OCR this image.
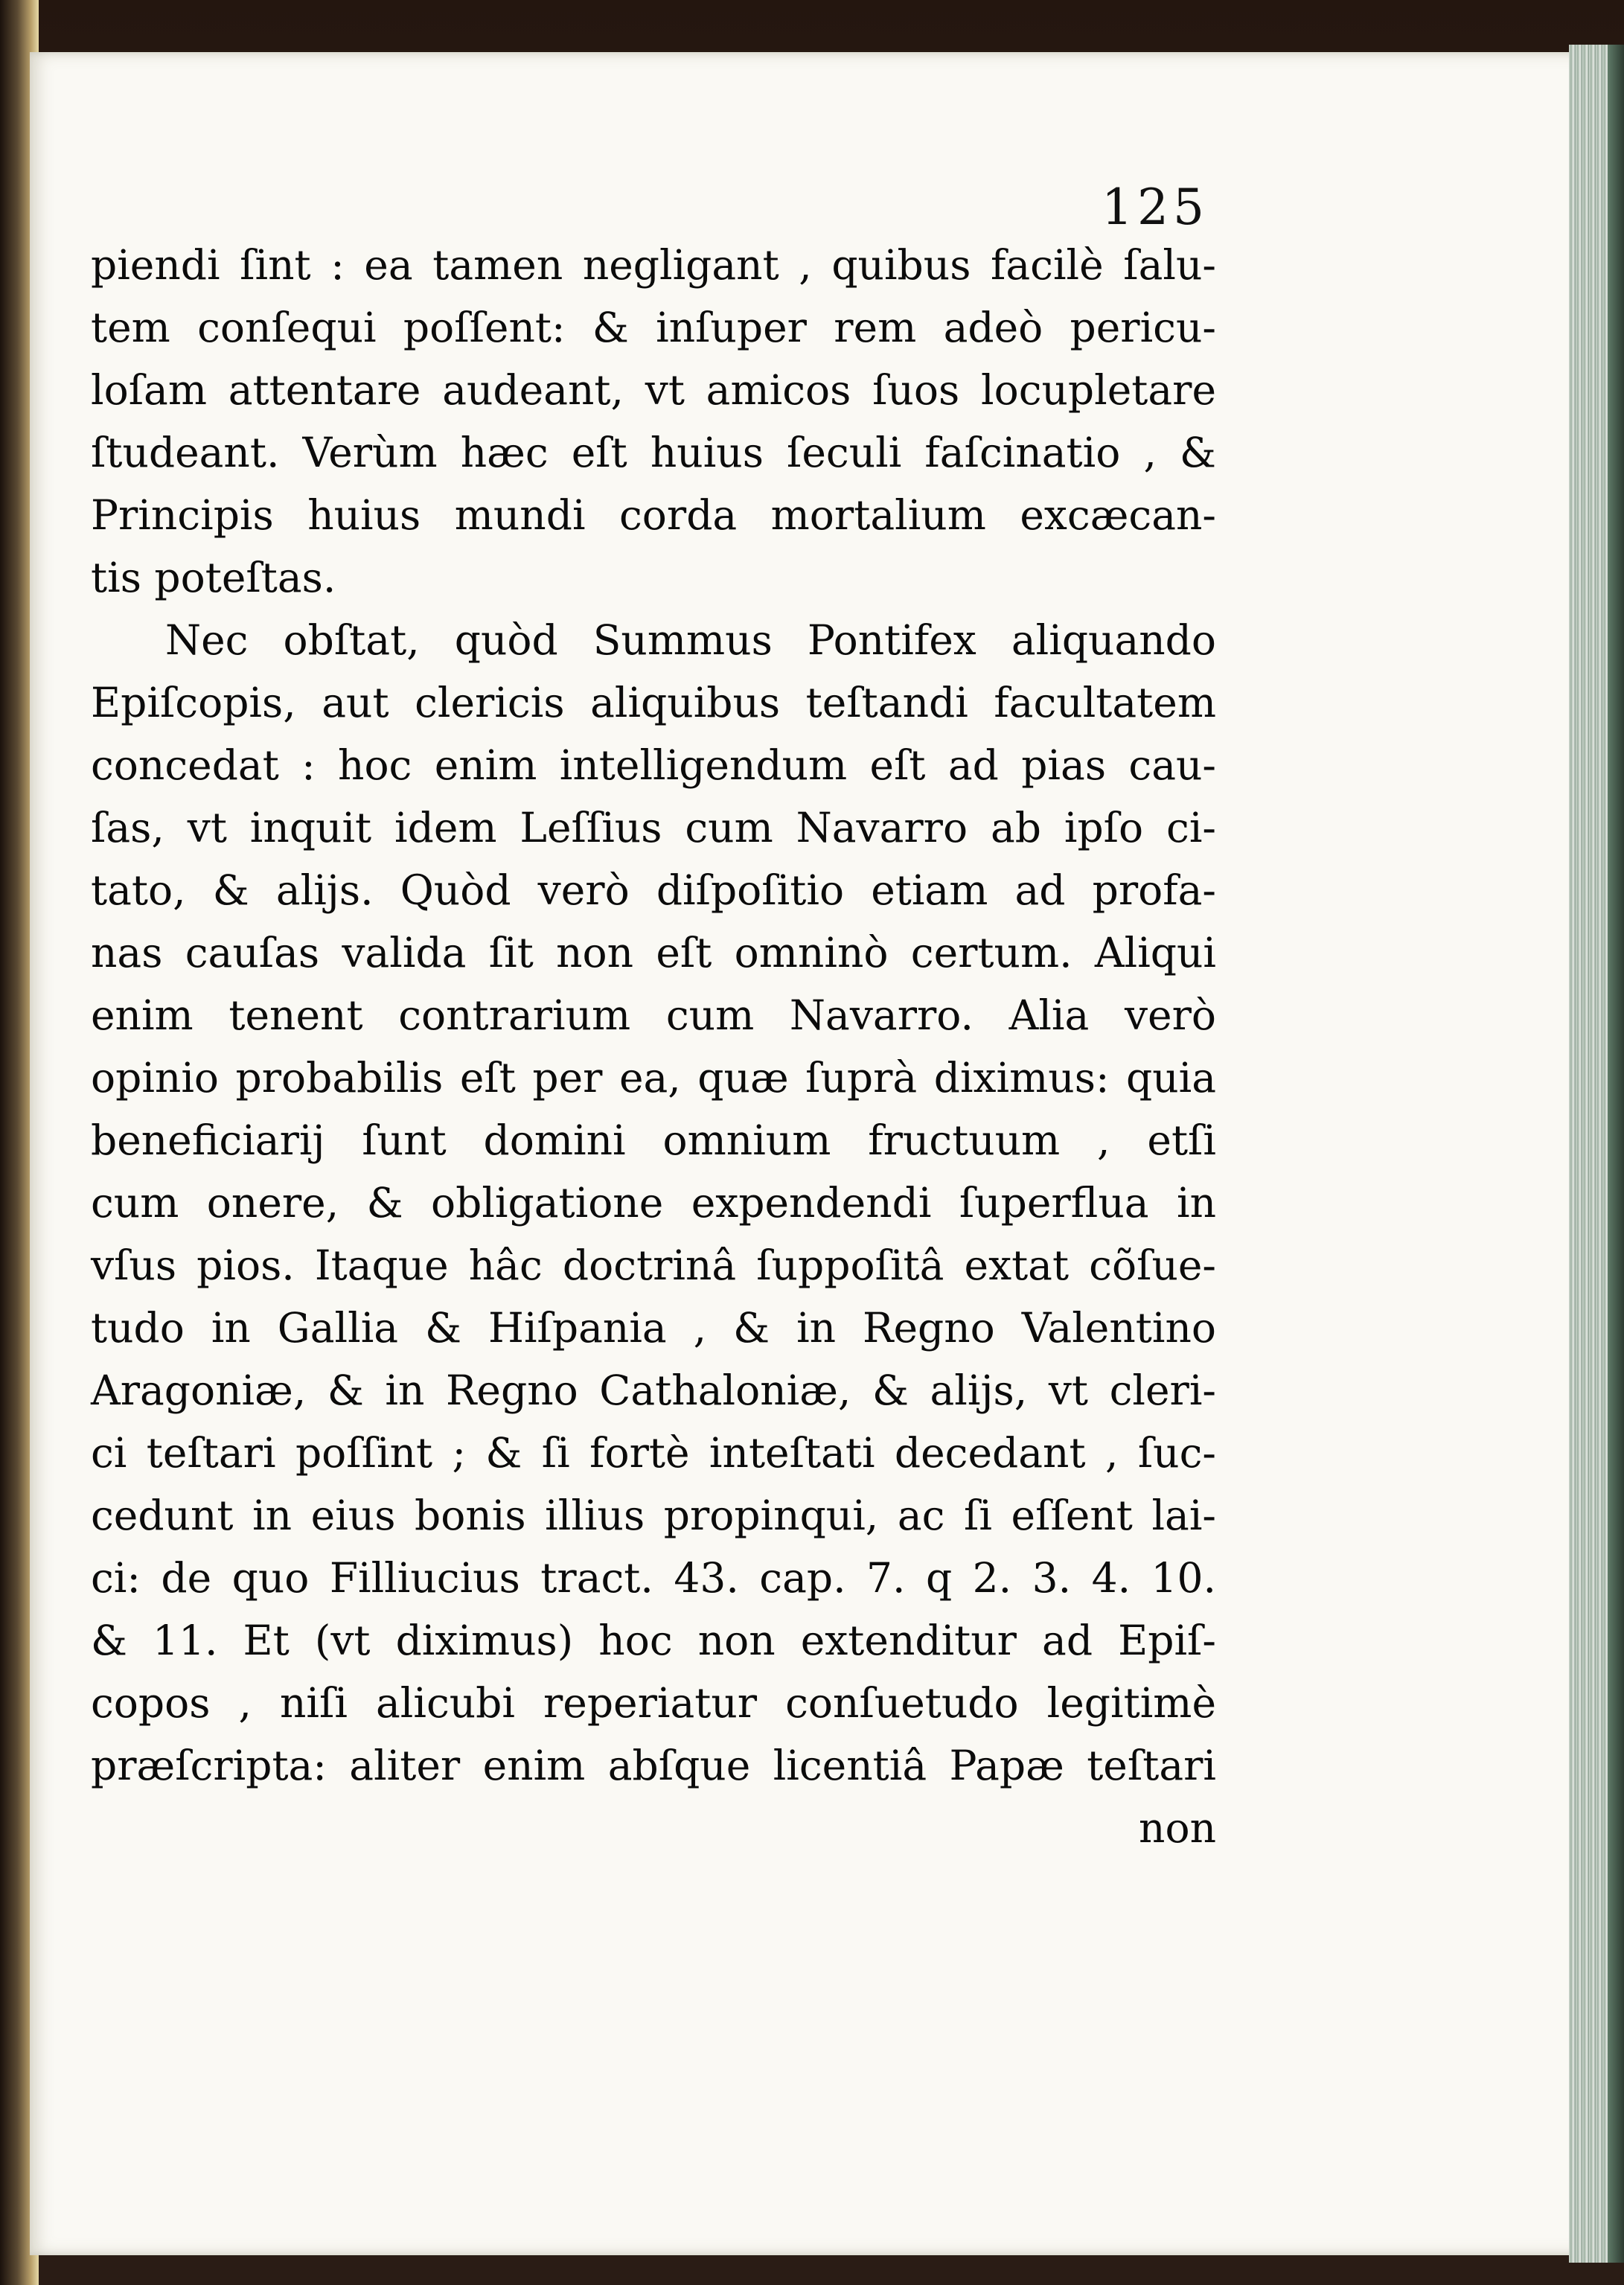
125
piendi ſint : ea tamen negligant , quibus facilè ſalu-
tem conſequi poſſent: & inſuper rem adeò pericu-
loſam attentare audeant, vt amicos ſuos locupletare
ſtudeant. Verùm hæc eſt huius ſeculi faſcinatio , &
Principis huius mundi corda mortalium excæcan-
tis poteſtas.
Nec obſtat, quòd Summus Pontifex aliquando
Epiſcopis, aut clericis aliquibus teſtandi facultatem
concedat : hoc enim intelligendum eſt ad pias cau-
ſas, vt inquit idem Leſſius cum Navarro ab ipſo ci-
tato, & alijs. Quòd verò diſpoſitio etiam ad profa-
nas cauſas valida ſit non eſt omninò certum. Aliqui
enim tenent contrarium cum Navarro. Alia verò
opinio probabilis eſt per ea, quæ ſuprà diximus: quia
beneficiarij ſunt domini omnium fructuum , etſi
cum onere, & obligatione expendendi ſuperflua in
vſus pios. Itaque hâc doctrinâ ſuppoſitâ extat cõſue-
tudo in Gallia & Hiſpania , & in Regno Valentino
Aragoniæ, & in Regno Cathaloniæ, & alijs, vt cleri-
ci teſtari poſſint ; & ſi fortè inteſtati decedant , ſuc-
cedunt in eius bonis illius propinqui, ac ſi eſſent lai-
ci: de quo Filliucius tract. 43. cap. 7. q 2. 3. 4. 10.
& 11. Et (vt diximus) hoc non extenditur ad Epiſ-
copos , niſi alicubi reperiatur conſuetudo legitimè
præſcripta: aliter enim abſque licentiâ Papæ teſtari
non
